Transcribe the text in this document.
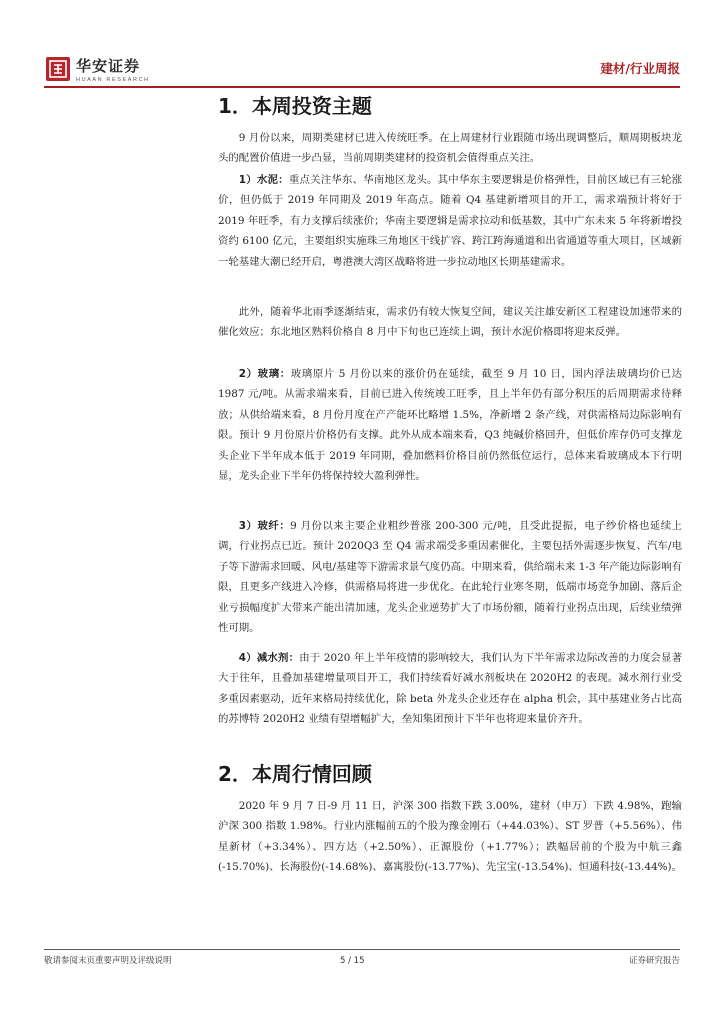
华安证券
HUAAN RESEARCH
建材/行业周报
1．本周投资主题

9 月份以来，周期类建材已进入传统旺季。在上周建材行业跟随市场出现调整后，顺周期板块龙头的配置价值进一步凸显，当前周期类建材的投资机会值得重点关注。

1）水泥：重点关注华东、华南地区龙头。其中华东主要逻辑是价格弹性，目前区域已有三轮涨价，但仍低于 2019 年同期及 2019 年高点。随着 Q4 基建新增项目的开工，需求端预计将好于 2019 年旺季，有力支撑后续涨价；华南主要逻辑是需求拉动和低基数，其中广东未来 5 年将新增投资约 6100 亿元，主要组织实施珠三角地区干线扩容、跨江跨海通道和出省通道等重大项目，区域新一轮基建大潮已经开启，粤港澳大湾区战略将进一步拉动地区长期基建需求。

此外，随着华北雨季逐渐结束，需求仍有较大恢复空间，建议关注雄安新区工程建设加速带来的催化效应；东北地区熟料价格自 8 月中下旬也已连续上调，预计水泥价格即将迎来反弹。

2）玻璃：玻璃原片 5 月份以来的涨价仍在延续，截至 9 月 10 日，国内浮法玻璃均价已达 1987 元/吨。从需求端来看，目前已进入传统竣工旺季，且上半年仍有部分积压的后周期需求待释放；从供给端来看，8 月份月度在产产能环比略增 1.5%，净新增 2 条产线，对供需格局边际影响有限。预计 9 月份原片价格仍有支撑。此外从成本端来看，Q3 纯碱价格回升，但低价库存仍可支撑龙头企业下半年成本低于 2019 年同期，叠加燃料价格目前仍然低位运行，总体来看玻璃成本下行明显，龙头企业下半年仍将保持较大盈利弹性。

3）玻纤：9 月份以来主要企业粗纱普涨 200-300 元/吨，且受此提振，电子纱价格也延续上调，行业拐点已近。预计 2020Q3 至 Q4 需求端受多重因素催化，主要包括外需逐步恢复、汽车/电子等下游需求回暖、风电/基建等下游需求景气度仍高。中期来看，供给端未来 1-3 年产能边际影响有限，且更多产线进入冷修，供需格局将进一步优化。在此轮行业寒冬期，低端市场竞争加剧、落后企业亏损幅度扩大带来产能出清加速，龙头企业逆势扩大了市场份额，随着行业拐点出现，后续业绩弹性可期。

4）减水剂：由于 2020 年上半年疫情的影响较大，我们认为下半年需求边际改善的力度会显著大于往年，且叠加基建增量项目开工，我们持续看好减水剂板块在 2020H2 的表现。减水剂行业受多重因素驱动，近年来格局持续优化，除 beta 外龙头企业还存在 alpha 机会，其中基建业务占比高的苏博特 2020H2 业绩有望增幅扩大，垒知集团预计下半年也将迎来量价齐升。

2．本周行情回顾

2020 年 9 月 7 日-9 月 11 日，沪深 300 指数下跌 3.00%，建材（申万）下跌 4.98%，跑输沪深 300 指数 1.98%。行业内涨幅前五的个股为豫金刚石（+44.03%）、ST 罗普（+5.56%）、伟星新材（+3.34%）、四方达（+2.50%）、正源股份（+1.77%）；跌幅居前的个股为中航三鑫(-15.70%)、长海股份(-14.68%)、嘉寓股份(-13.77%)、先宝宝(-13.54%)、恒通科技(-13.44%)。

敬请参阅末页重要声明及评级说明	5 / 15	证券研究报告
